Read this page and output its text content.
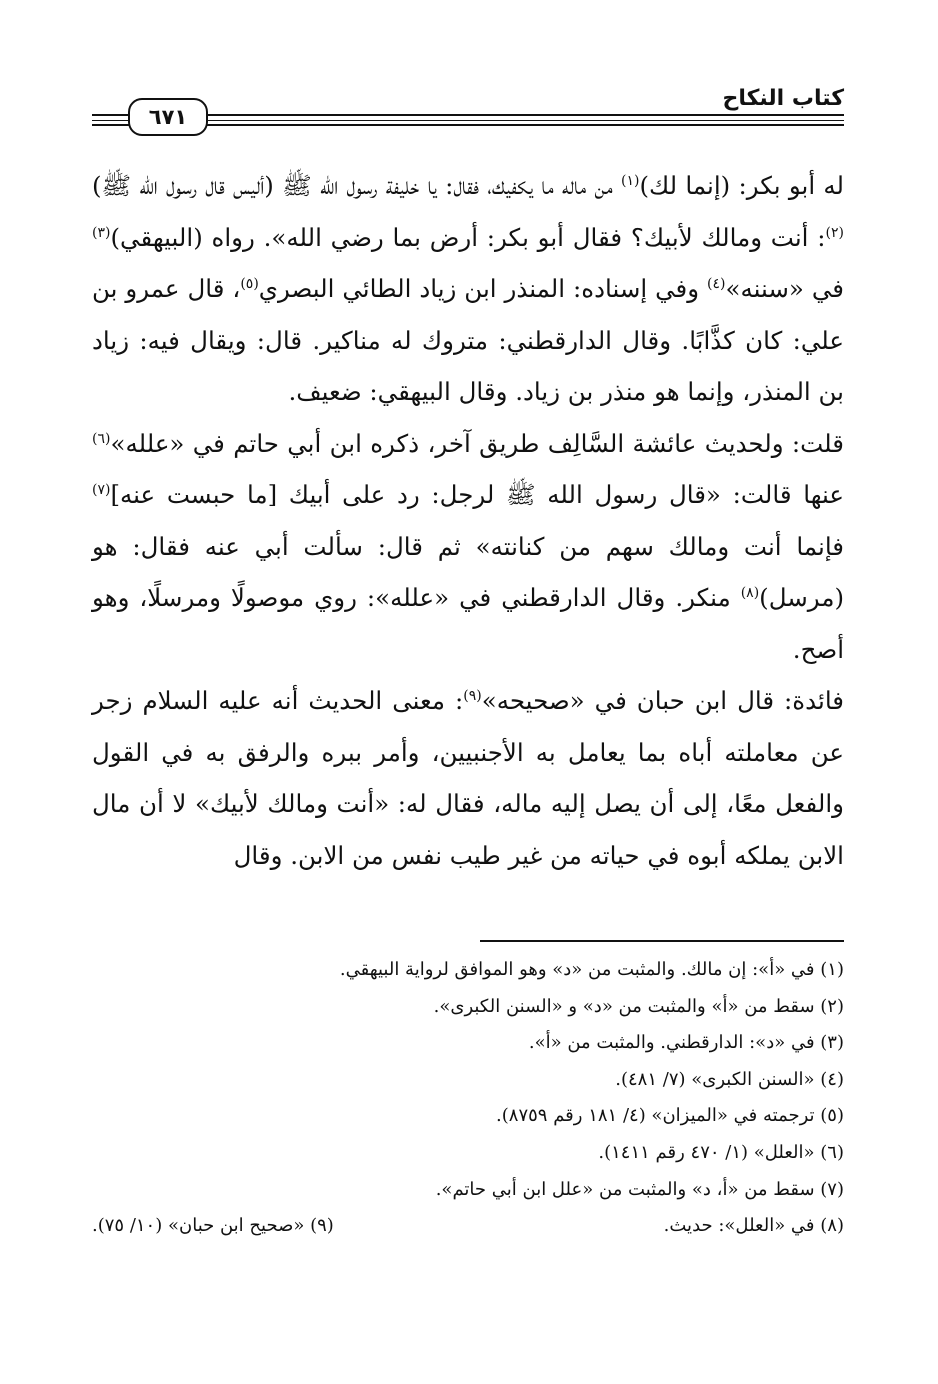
كتاب النكاح
٦٧١

له أبو بكر: (إنما لك)$^{(١)}$ من ماله ما يكفيك، فقال: يا خليفة رسول الله ﷺ (أليس قال رسول الله ﷺ)$^{(٢)}$: أنت ومالك لأبيك؟ فقال أبو بكر: أرض بما رضي الله». رواه (البيهقي)$^{(٣)}$ في «سننه»$^{(٤)}$ وفي إسناده: المنذر ابن زياد الطائي البصري$^{(٥)}$، قال عمرو بن علي: كان كذَّابًا. وقال الدارقطني: متروك له مناكير. قال: ويقال فيه: زياد بن المنذر، وإنما هو منذر بن زياد. وقال البيهقي: ضعيف.

قلت: ولحديث عائشة السَّالِف طريق آخر، ذكره ابن أبي حاتم في «علله»$^{(٦)}$ عنها قالت: «قال رسول الله ﷺ لرجل: رد على أبيك [ما حبست عنه]$^{(٧)}$ فإنما أنت ومالك سهم من كنانته» ثم قال: سألت أبي عنه فقال: هو (مرسل)$^{(٨)}$ منكر. وقال الدارقطني في «علله»: روي موصولًا ومرسلًا، وهو أصح.

فائدة: قال ابن حبان في «صحيحه»$^{(٩)}$: معنى الحديث أنه عليه السلام زجر عن معاملته أباه بما يعامل به الأجنبيين، وأمر ببره والرفق به في القول والفعل معًا، إلى أن يصل إليه ماله، فقال له: «أنت ومالك لأبيك» لا أن مال الابن يملكه أبوه في حياته من غير طيب نفس من الابن. وقال

(١) في «أ»: إن مالك. والمثبت من «د» وهو الموافق لرواية البيهقي.

(٢) سقط من «أ» والمثبت من «د» و «السنن الكبرى».

(٣) في «د»: الدارقطني. والمثبت من «أ».

(٤) «السنن الكبرى» (٧/ ٤٨١).

(٥) ترجمته في «الميزان» (٤/ ١٨١ رقم ٨٧٥٩).

(٦) «العلل» (١/ ٤٧٠ رقم ١٤١١).

(٧) سقط من «أ، د» والمثبت من «علل ابن أبي حاتم».

(٨) في «العلل»: حديث.

(٩) «صحيح ابن حبان» (١٠/ ٧٥).
